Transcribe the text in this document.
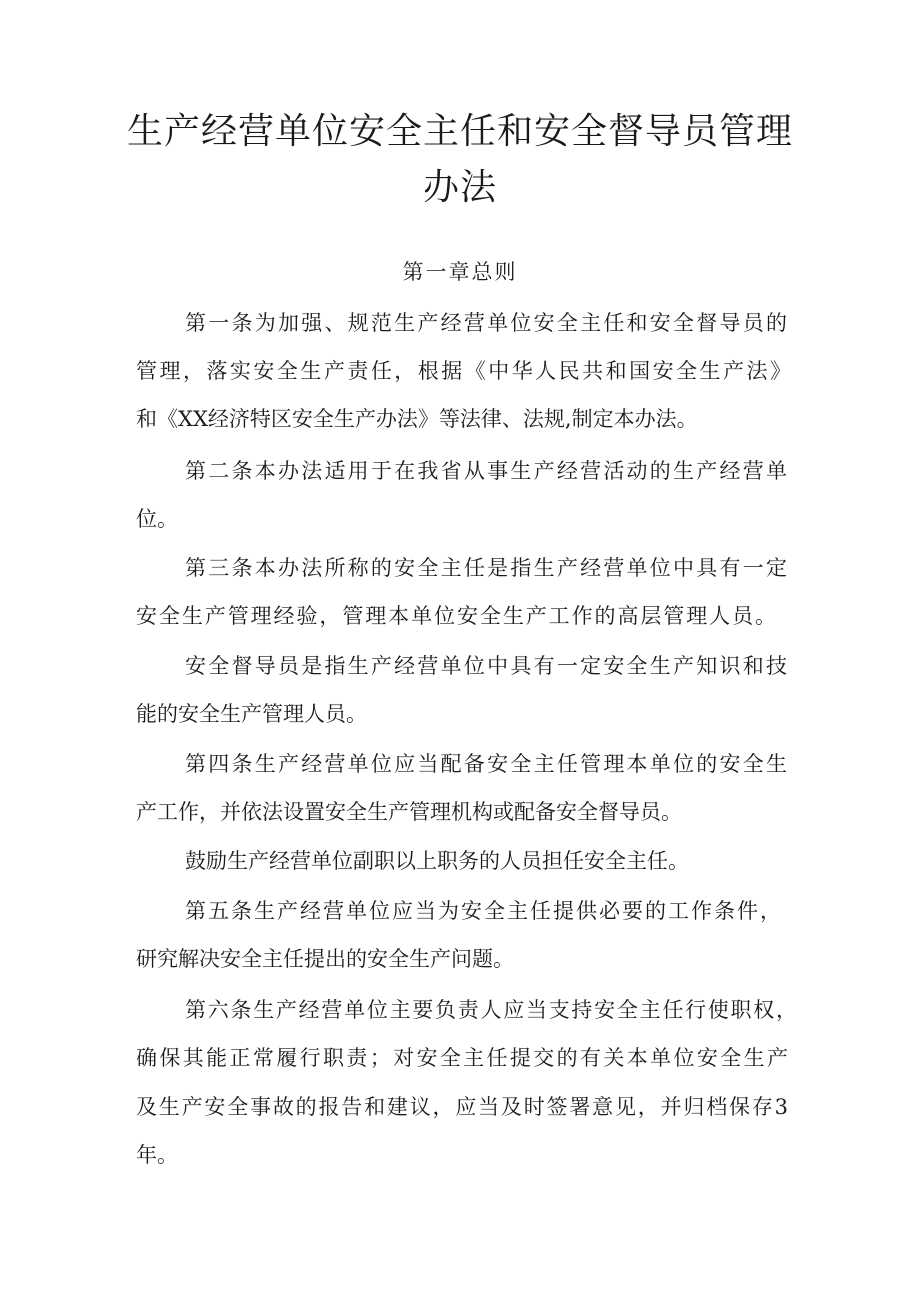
生产经营单位安全主任和安全督导员管理
办法
第一章总则
第一条为加强、规范生产经营单位安全主任和安全督导员的
管理，落实安全生产责任，根据《中华人民共和国安全生产法》
和《XX经济特区安全生产办法》等法律、法规,制定本办法。
第二条本办法适用于在我省从事生产经营活动的生产经营单
位。
第三条本办法所称的安全主任是指生产经营单位中具有一定
安全生产管理经验，管理本单位安全生产工作的高层管理人员。
安全督导员是指生产经营单位中具有一定安全生产知识和技
能的安全生产管理人员。
第四条生产经营单位应当配备安全主任管理本单位的安全生
产工作，并依法设置安全生产管理机构或配备安全督导员。
鼓励生产经营单位副职以上职务的人员担任安全主任。
第五条生产经营单位应当为安全主任提供必要的工作条件，
研究解决安全主任提出的安全生产问题。
第六条生产经营单位主要负责人应当支持安全主任行使职权，
确保其能正常履行职责；对安全主任提交的有关本单位安全生产
及生产安全事故的报告和建议，应当及时签署意见，并归档保存3
年。
